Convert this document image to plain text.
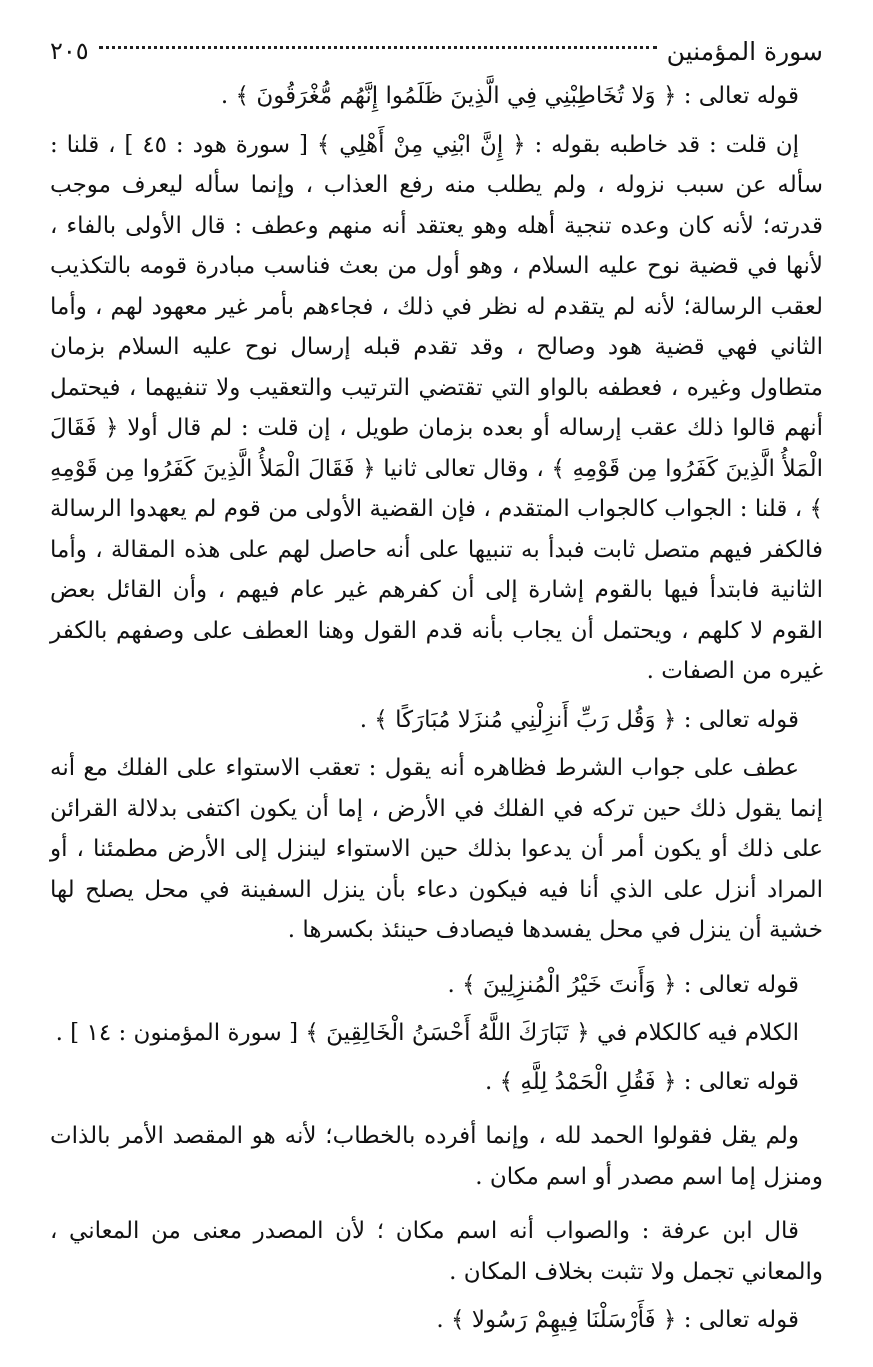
سورة المؤمنين
٢٠٥

قوله تعالى : ﴿ وَلا تُخَاطِبْنِي فِي الَّذِينَ ظَلَمُوا إِنَّهُم مُّغْرَقُونَ ﴾ .

إن قلت : قد خاطبه بقوله : ﴿ إِنَّ ابْنِي مِنْ أَهْلِي ﴾ [ سورة هود : ٤٥ ] ، قلنا : سأله عن سبب نزوله ، ولم يطلب منه رفع العذاب ، وإنما سأله ليعرف موجب قدرته؛ لأنه كان وعده تنجية أهله وهو يعتقد أنه منهم وعطف : قال الأولى بالفاء ، لأنها في قضية نوح عليه السلام ، وهو أول من بعث فناسب مبادرة قومه بالتكذيب لعقب الرسالة؛ لأنه لم يتقدم له نظر في ذلك ، فجاءهم بأمر غير معهود لهم ، وأما الثاني فهي قضية هود وصالح ، وقد تقدم قبله إرسال نوح عليه السلام بزمان متطاول وغيره ، فعطفه بالواو التي تقتضي الترتيب والتعقيب ولا تنفيهما ، فيحتمل أنهم قالوا ذلك عقب إرساله أو بعده بزمان طويل ، إن قلت : لم قال أولا ﴿ فَقَالَ الْمَلأُ الَّذِينَ كَفَرُوا مِن قَوْمِهِ ﴾ ، وقال تعالى ثانيا ﴿ فَقَالَ الْمَلأُ الَّذِينَ كَفَرُوا مِن قَوْمِهِ ﴾ ، قلنا : الجواب كالجواب المتقدم ، فإن القضية الأولى من قوم لم يعهدوا الرسالة فالكفر فيهم متصل ثابت فبدأ به تنبيها على أنه حاصل لهم على هذه المقالة ، وأما الثانية فابتدأ فيها بالقوم إشارة إلى أن كفرهم غير عام فيهم ، وأن القائل بعض القوم لا كلهم ، ويحتمل أن يجاب بأنه قدم القول وهنا العطف على وصفهم بالكفر غيره من الصفات .

قوله تعالى : ﴿ وَقُل رَبِّ أَنزِلْنِي مُنزَلا مُبَارَكًا ﴾ .

عطف على جواب الشرط فظاهره أنه يقول : تعقب الاستواء على الفلك مع أنه إنما يقول ذلك حين تركه في الفلك في الأرض ، إما أن يكون اكتفى بدلالة القرائن على ذلك أو يكون أمر أن يدعوا بذلك حين الاستواء لينزل إلى الأرض مطمئنا ، أو المراد أنزل على الذي أنا فيه فيكون دعاء بأن ينزل السفينة في محل يصلح لها خشية أن ينزل في محل يفسدها فيصادف حينئذ بكسرها .

قوله تعالى : ﴿ وَأَنتَ خَيْرُ الْمُنزِلِينَ ﴾ .

الكلام فيه كالكلام في ﴿ تَبَارَكَ اللَّهُ أَحْسَنُ الْخَالِقِينَ ﴾ [ سورة المؤمنون : ١٤ ] .

قوله تعالى : ﴿ فَقُلِ الْحَمْدُ لِلَّهِ ﴾ .

ولم يقل فقولوا الحمد لله ، وإنما أفرده بالخطاب؛ لأنه هو المقصد الأمر بالذات ومنزل إما اسم مصدر أو اسم مكان .

قال ابن عرفة : والصواب أنه اسم مكان ؛ لأن المصدر معنى من المعاني ، والمعاني تجمل ولا تثبت بخلاف المكان .

قوله تعالى : ﴿ فَأَرْسَلْنَا فِيهِمْ رَسُولا ﴾ .
